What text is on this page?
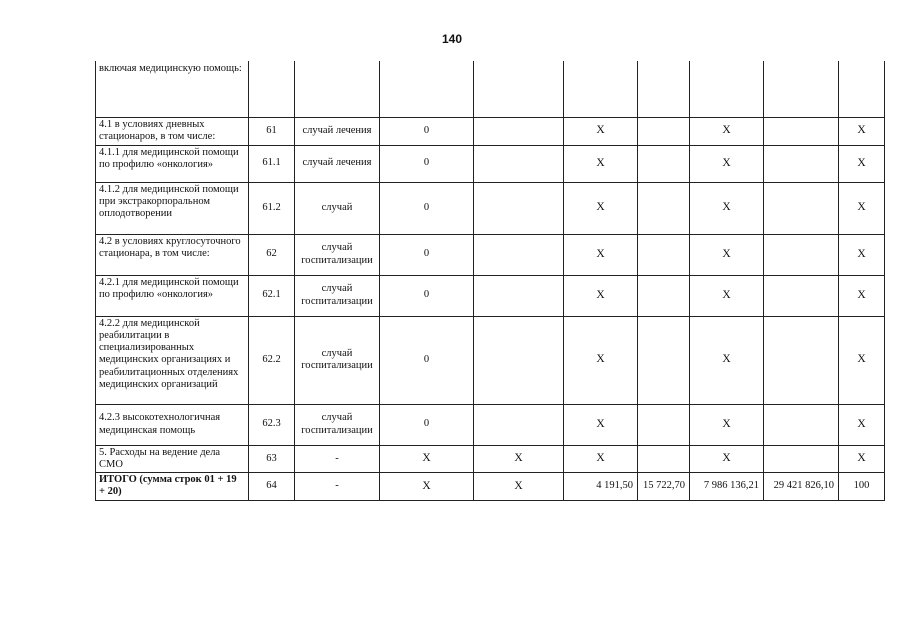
140
включая медицинскую помощь:									
4.1 в условиях дневных стационаров, в том числе:	61	случай лечения	0		X		X		X
4.1.1 для медицинской помощи по профилю «онкология»	61.1	случай лечения	0		X		X		X
4.1.2 для медицинской помощи при экстракорпоральном оплодотворении	61.2	случай	0		X		X		X
4.2 в условиях круглосуточного стационара, в том числе:	62	случай госпитализации	0		X		X		X
4.2.1 для медицинской помощи по профилю «онкология»	62.1	случай госпитализации	0		X		X		X
4.2.2 для медицинской реабилитации в специализированных медицинских организациях и реабилитационных отделениях медицинских организаций	62.2	случай госпитализации	0		X		X		X
4.2.3 высокотехнологичная медицинская помощь	62.3	случай госпитализации	0		X		X		X
5. Расходы на ведение дела СМО	63	-	X	X	X		X		X
ИТОГО (сумма строк 01 + 19 + 20)	64	-	X	X	4 191,50	15 722,70	7 986 136,21	29 421 826,10	100
